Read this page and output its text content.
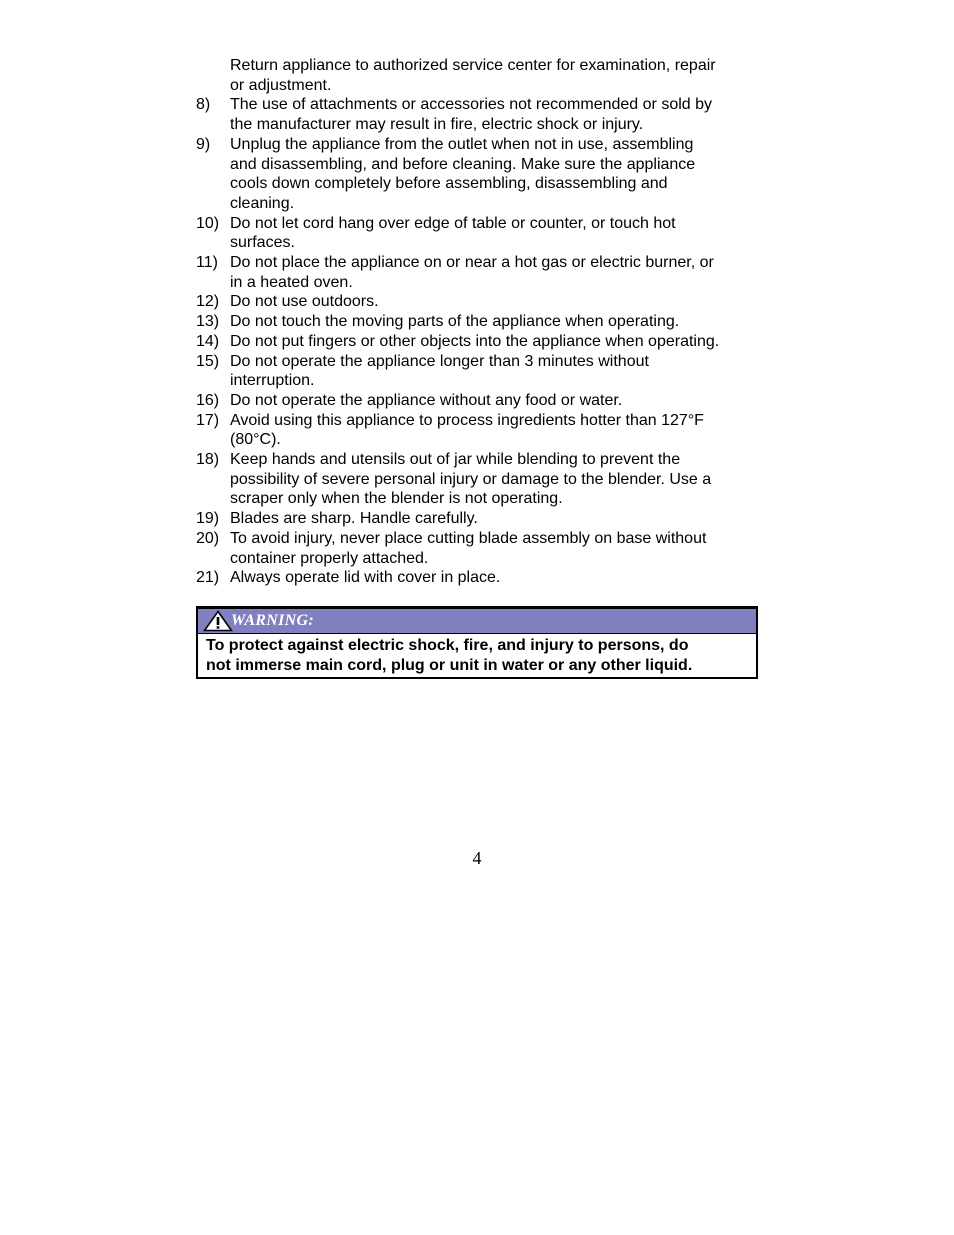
Return appliance to authorized service center for examination, repair
or adjustment.
8)	The use of attachments or accessories not recommended or sold by
the manufacturer may result in fire, electric shock or injury.
9)	Unplug the appliance from the outlet when not in use, assembling
and disassembling, and before cleaning. Make sure the appliance
cools down completely before assembling, disassembling and
cleaning.
10) Do not let cord hang over edge of table or counter, or touch hot
surfaces.
11) Do not place the appliance on or near a hot gas or electric burner, or
in a heated oven.
12) Do not use outdoors.
13) Do not touch the moving parts of the appliance when operating.
14) Do not put fingers or other objects into the appliance when operating.
15) Do not operate the appliance longer than 3 minutes without
interruption.
16) Do not operate the appliance without any food or water.
17) Avoid using this appliance to process ingredients hotter than 127°F
(80°C).
18) Keep hands and utensils out of jar while blending to prevent the
possibility of severe personal injury or damage to the blender. Use a
scraper only when the blender is not operating.
19) Blades are sharp. Handle carefully.
20) To avoid injury, never place cutting blade assembly on base without
container properly attached.
21) Always operate lid with cover in place.
WARNING:
To protect against electric shock, fire, and injury to persons, do
not immerse main cord, plug or unit in water or any other liquid.
4
